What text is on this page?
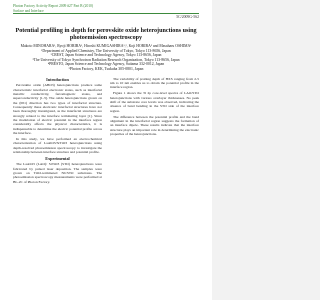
Photon Factory Activity Report 2009 #27 Part B (2010)
Surface and Interface
5C/2009G-562
Potential profiling in depth for perovskite oxide heterojunctions using photoemission spectroscopy
Makoto MINOHARA¹, Ryoji HORIBA¹, Hiroshi KUMIGASHIRA¹,², Koji HORIBA³ and Masaharu OSHIMA¹
¹Department of Applied Chemistry, The University of Tokyo, Tokyo 113-8656, Japan
²CREST, Japan Science and Technology Agency, Tokyo 113-8656, Japan
³The University of Tokyo Synchrotron Radiation Research Organization, Tokyo 113-8656, Japan
⁴PRESTO, Japan Science and Technology Agency, Saitama 332-0012, Japan
⁵Photon Factory, KEK, Tsukuba 305-0801, Japan
Introduction

Perovskite oxide (ABO3) heterojunctions produce some characteristic interfacial electronic states, such as interfacial metallic conductivity, ferromagnetic states, and superconductivity [1-3]. The oxide heterojunctions grown on the (001) direction has two types of interfacial structure. Consequently these electronic interfacial structures have not been thoroughly investigated, as the interfacial structures are strongly related to the interface terminating layer [1]. Since the modulation of electric potential in the interface region considerably affects the physical characteristics, it is indispensable to determine the electric potential profile across the interface.

In this study, we have performed an electrochemical characterization of LaAlO3/SrTiO3 heterojunctions using depth-resolved photoemission spectroscopy to investigate the relationship between interface structure and potential profile.

Experimental

The LaAlO3 (LAO)/ SrTiO3 (STO) heterojunctions were fabricated by pulsed laser deposition. The samples were grown on TiO2-terminated Nb:STO substrates. The photoemission spectroscopy measurements were performed at BL-2C of Photon Factory.

The variability of probing depth of HXS ranging from 2-5 nm to 10 nm enables us to obtain the potential profile in the interface region.

Figure 1 shows the Ti 2p core-level spectra of LAO/STO heterojunctions with various overlayer thicknesses. No peak shift of the substrate core levels was observed, indicating the absence of band bending in the STO side of the interface region.

The difference between the potential profile and the band alignment in the interfacial region suggests the formation of an interface dipole. These results indicate that the interface structure plays an important role in determining the electronic properties of the heterojunctions.
